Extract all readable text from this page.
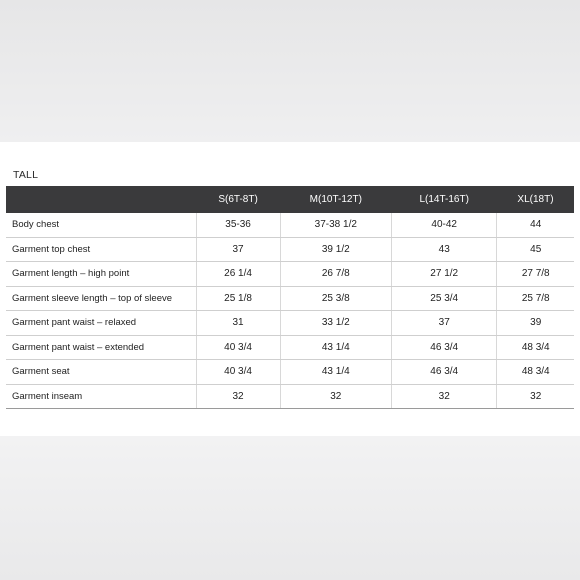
TALL
	S(6T-8T)	M(10T-12T)	L(14T-16T)	XL(18T)
Body chest	35-36	37-38 1/2	40-42	44
Garment top chest	37	39 1/2	43	45
Garment length – high point	26 1/4	26 7/8	27 1/2	27 7/8
Garment sleeve length – top of sleeve	25 1/8	25 3/8	25 3/4	25 7/8
Garment pant waist – relaxed	31	33 1/2	37	39
Garment pant waist – extended	40 3/4	43 1/4	46 3/4	48 3/4
Garment seat	40 3/4	43 1/4	46 3/4	48 3/4
Garment inseam	32	32	32	32
